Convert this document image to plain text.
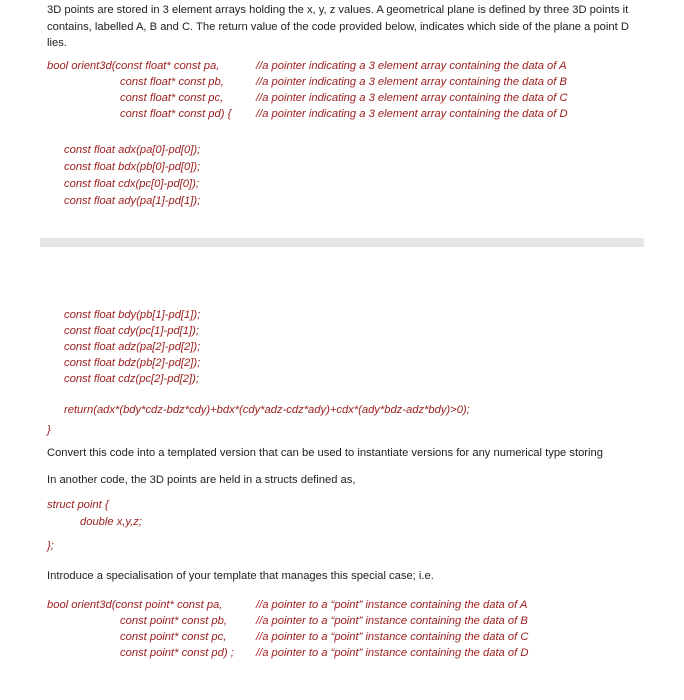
3D points are stored in 3 element arrays holding the x, y, z values. A geometrical plane is defined by three 3D points it contains, labelled A, B and C. The return value of the code provided below, indicates which side of the plane a point D lies.

bool orient3d(const float* const pa,

const float* const pb,

const float* const pc,

const float* const pd) {

//a pointer indicating a 3 element array containing the data of A

//a pointer indicating a 3 element array containing the data of B

//a pointer indicating a 3 element array containing the data of C

//a pointer indicating a 3 element array containing the data of D

const float adx(pa[0]-pd[0]);

const float bdx(pb[0]-pd[0]);

const float cdx(pc[0]-pd[0]);

const float ady(pa[1]-pd[1]);

const float bdy(pb[1]-pd[1]);

const float cdy(pc[1]-pd[1]);

const float adz(pa[2]-pd[2]);

const float bdz(pb[2]-pd[2]);

const float cdz(pc[2]-pd[2]);

return(adx*(bdy*cdz-bdz*cdy)+bdx*(cdy*adz-cdz*ady)+cdx*(ady*bdz-adz*bdy)>0);

}

Convert this code into a templated version that can be used to instantiate versions for any numerical type storing
In another code, the 3D points are held in a structs defined as,

struct point {

double x,y,z;

};

Introduce a specialisation of your template that manages this special case; i.e.

bool orient3d(const point* const pa,

const point* const pb,

const point* const pc,

const point* const pd) ;

//a pointer to a “point” instance containing the data of A

//a pointer to a “point” instance containing the data of B

//a pointer to a “point” instance containing the data of C

//a pointer to a “point” instance containing the data of D
